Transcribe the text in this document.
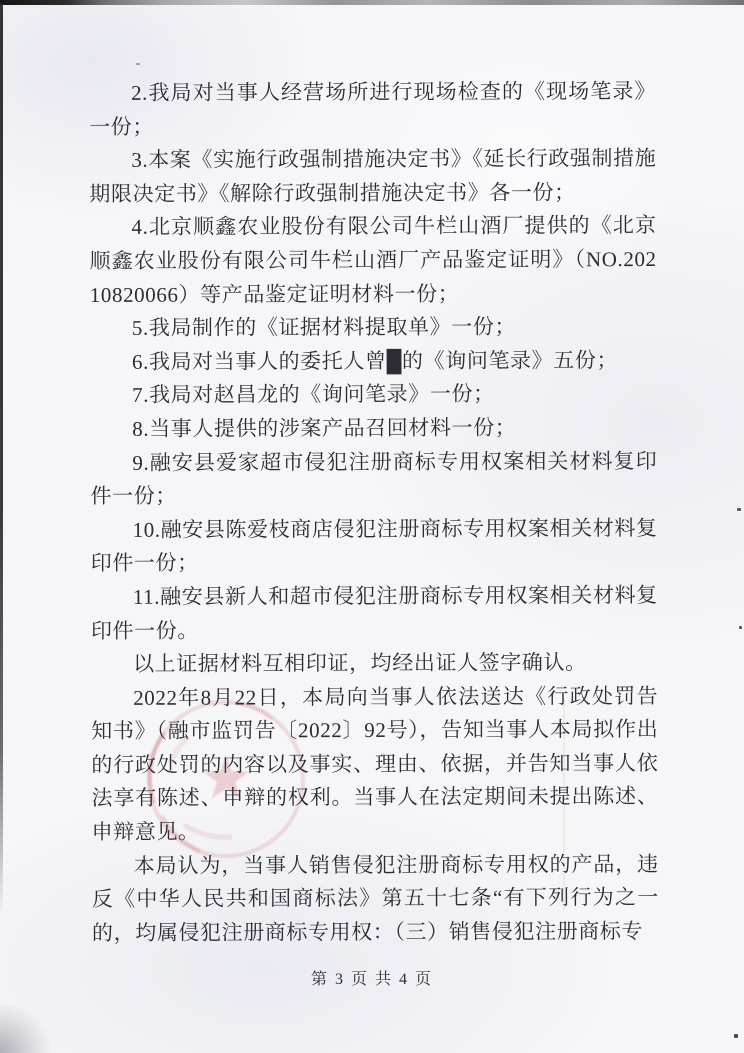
2.我局对当事人经营场所进行现场检查的《现场笔录》一份；

3.本案《实施行政强制措施决定书》《延长行政强制措施期限决定书》《解除行政强制措施决定书》各一份；

4.北京顺鑫农业股份有限公司牛栏山酒厂提供的《北京顺鑫农业股份有限公司牛栏山酒厂产品鉴定证明》（NO.20210820066）等产品鉴定证明材料一份；

5.我局制作的《证据材料提取单》一份；

6.我局对当事人的委托人曾█的《询问笔录》五份；

7.我局对赵昌龙的《询问笔录》一份；

8.当事人提供的涉案产品召回材料一份；

9.融安县爱家超市侵犯注册商标专用权案相关材料复印件一份；

10.融安县陈爱枝商店侵犯注册商标专用权案相关材料复印件一份；

11.融安县新人和超市侵犯注册商标专用权案相关材料复印件一份。

以上证据材料互相印证，均经出证人签字确认。

2022年8月22日，本局向当事人依法送达《行政处罚告知书》（融市监罚告〔2022〕92号），告知当事人本局拟作出的行政处罚的内容以及事实、理由、依据，并告知当事人依法享有陈述、申辩的权利。当事人在法定期间未提出陈述、申辩意见。

本局认为，当事人销售侵犯注册商标专用权的产品，违反《中华人民共和国商标法》第五十七条“有下列行为之一的，均属侵犯注册商标专用权：（三）销售侵犯注册商标专

第 3 页 共 4 页
